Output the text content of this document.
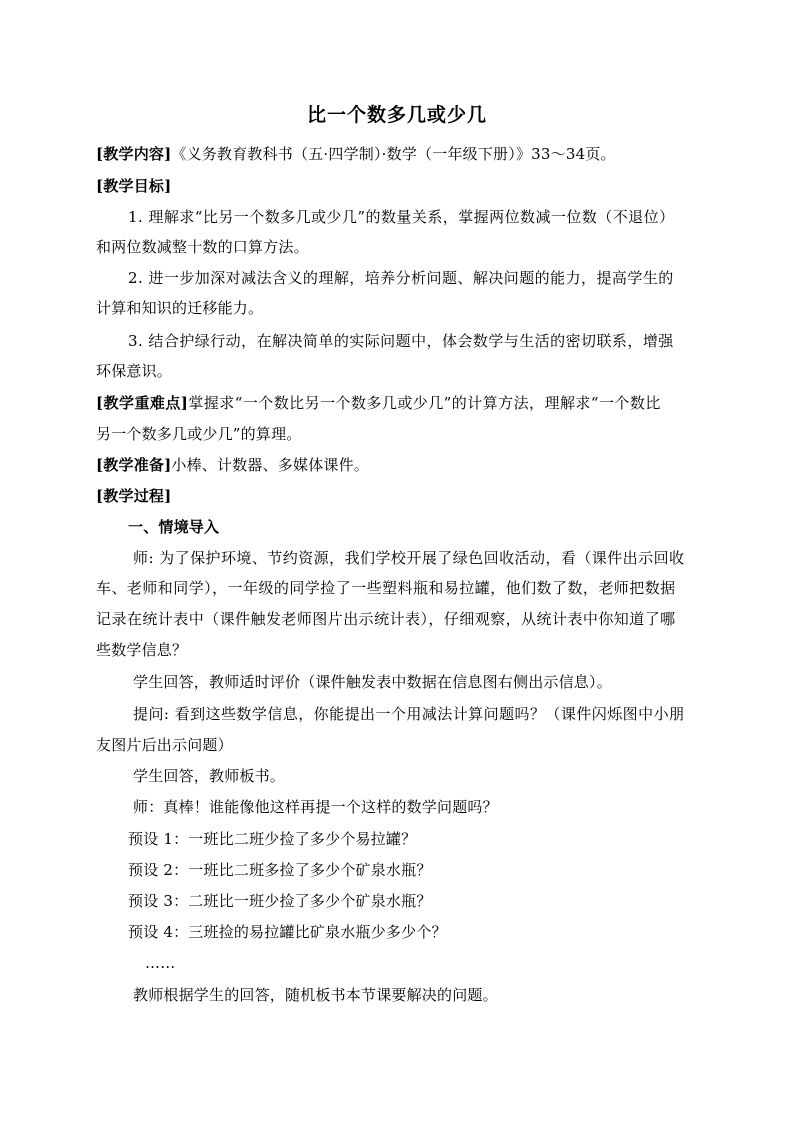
比一个数多几或少几
[教学内容]《义务教育教科书（五·四学制）·数学（一年级下册）》33～34页。
[教学目标]
1. 理解求“比另一个数多几或少几”的数量关系，掌握两位数减一位数（不退位）
和两位数减整十数的口算方法。
2. 进一步加深对减法含义的理解，培养分析问题、解决问题的能力，提高学生的
计算和知识的迁移能力。
3. 结合护绿行动，在解决简单的实际问题中，体会数学与生活的密切联系，增强
环保意识。
[教学重难点]掌握求“一个数比另一个数多几或少几”的计算方法，理解求“一个数比
另一个数多几或少几”的算理。
[教学准备]小棒、计数器、多媒体课件。
[教学过程]
一、情境导入
师: 为了保护环境、节约资源，我们学校开展了绿色回收活动，看（课件出示回收
车、老师和同学），一年级的同学捡了一些塑料瓶和易拉罐，他们数了数，老师把数据
记录在统计表中（课件触发老师图片出示统计表），仔细观察，从统计表中你知道了哪
些数学信息？
学生回答，教师适时评价（课件触发表中数据在信息图右侧出示信息）。
提问: 看到这些数学信息，你能提出一个用减法计算问题吗？（课件闪烁图中小朋
友图片后出示问题）
学生回答，教师板书。
师：真棒！谁能像他这样再提一个这样的数学问题吗？
预设 1：一班比二班少捡了多少个易拉罐？
预设 2：一班比二班多捡了多少个矿泉水瓶？
预设 3：二班比一班少捡了多少个矿泉水瓶？
预设 4：三班捡的易拉罐比矿泉水瓶少多少个？
……
教师根据学生的回答，随机板书本节课要解决的问题。
